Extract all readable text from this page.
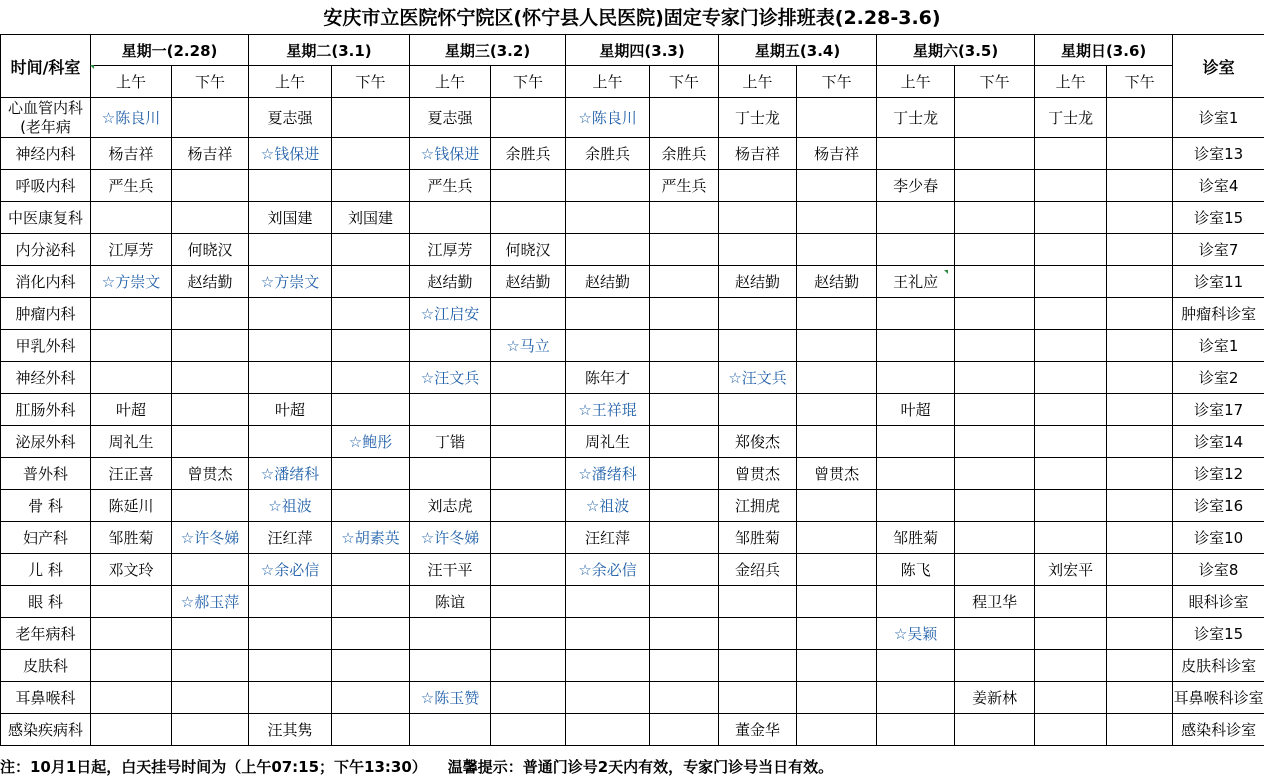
安庆市立医院怀宁院区(怀宁县人民医院)固定专家门诊排班表(2.28-3.6)
时间/科室	星期一(2.28)		星期二(3.1)		星期三(3.2)		星期四(3.3)		星期五(3.4)		星期六(3.5)		星期日(3.6)		诊室
	上午	下午	上午	下午	上午	下午	上午	下午	上午	下午	上午	下午	上午	下午	
心血管内科(老年病	☆陈良川		夏志强		夏志强		☆陈良川		丁士龙		丁士龙		丁士龙		诊室1
神经内科	杨吉祥	杨吉祥	☆钱保进		☆钱保进	余胜兵	余胜兵	余胜兵	杨吉祥	杨吉祥					诊室13
呼吸内科	严生兵				严生兵			严生兵			李少春				诊室4
中医康复科			刘国建	刘国建											诊室15
内分泌科	江厚芳	何晓汉			江厚芳	何晓汉									诊室7
消化内科	☆方崇文	赵结勤	☆方崇文		赵结勤	赵结勤	赵结勤		赵结勤	赵结勤	王礼应				诊室11
肿瘤内科					☆江启安										肿瘤科诊室
甲乳外科						☆马立									诊室1
神经外科					☆汪文兵		陈年才		☆汪文兵						诊室2
肛肠外科	叶超		叶超				☆王祥琨				叶超				诊室17
泌尿外科	周礼生			☆鲍彤	丁锴		周礼生		郑俊杰						诊室14
普外科	汪正喜	曾贯杰	☆潘绪科				☆潘绪科		曾贯杰	曾贯杰					诊室12
骨 科	陈延川		☆祖波		刘志虎		☆祖波		江拥虎						诊室16
妇产科	邹胜菊	☆许冬娣	汪红萍	☆胡素英	☆许冬娣		汪红萍		邹胜菊		邹胜菊				诊室10
儿 科	邓文玲		☆余必信		汪干平		☆余必信		金绍兵		陈飞		刘宏平		诊室8
眼 科		☆郝玉萍			陈谊							程卫华			眼科诊室
老年病科											☆吴颖				诊室15
皮肤科															皮肤科诊室
耳鼻喉科					☆陈玉赞							姜新林			耳鼻喉科诊室
感染疾病科			汪其隽						董金华						感染科诊室
注：10月1日起，白天挂号时间为（上午07:15；下午13:30）    温馨提示：普通门诊号2天内有效，专家门诊号当日有效。
